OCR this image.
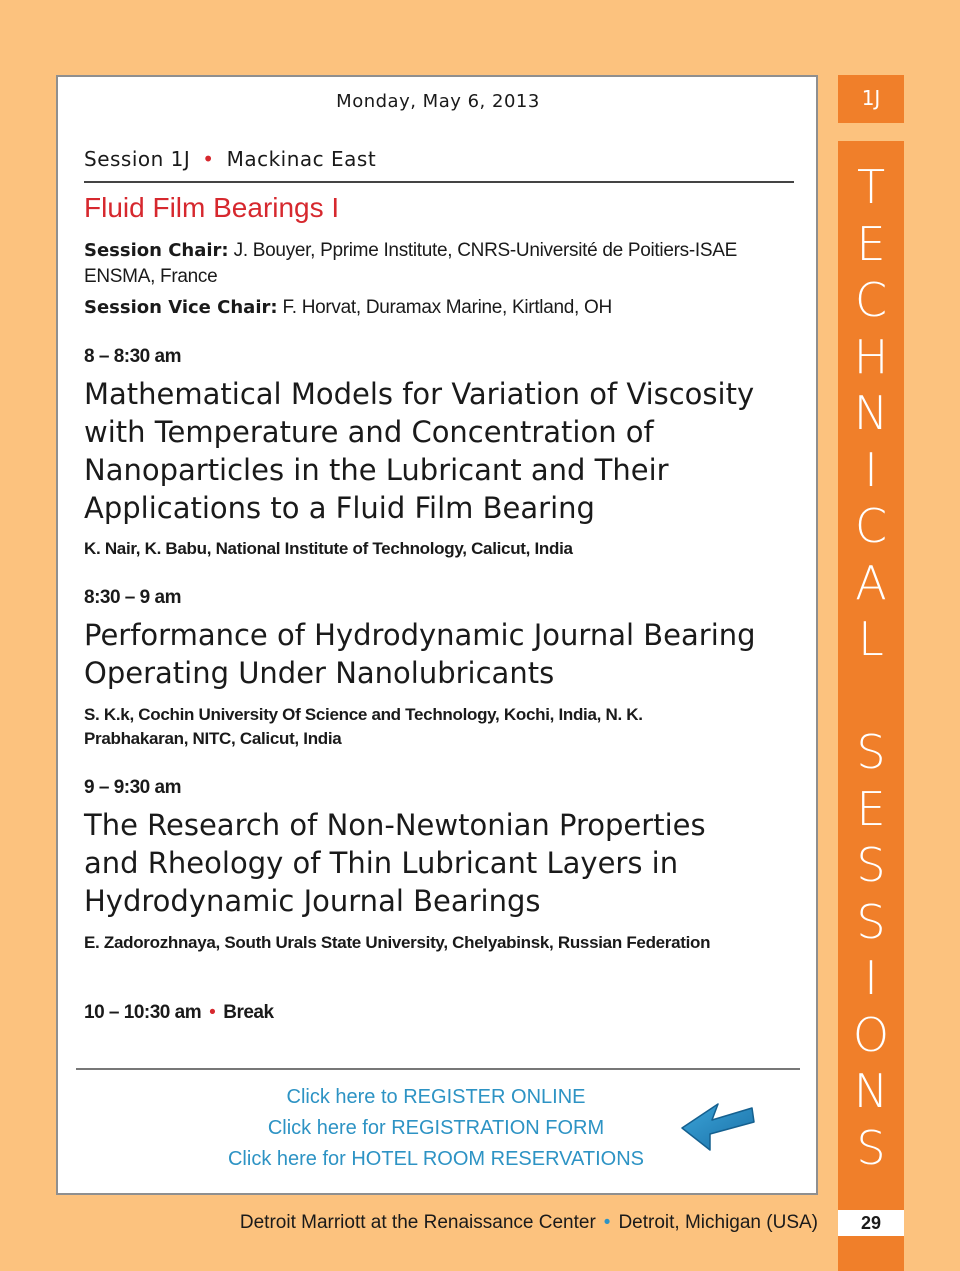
Monday, May 6, 2013
Session 1J • Mackinac East
Fluid Film Bearings I
Session Chair: J. Bouyer, Pprime Institute, CNRS-Université de Poitiers-ISAE ENSMA, France
Session Vice Chair: F. Horvat, Duramax Marine, Kirtland, OH
8 – 8:30 am
Mathematical Models for Variation of Viscosity with Temperature and Concentration of Nanoparticles in the Lubricant and Their Applications to a Fluid Film Bearing
K. Nair, K. Babu, National Institute of Technology, Calicut, India
8:30 – 9 am
Performance of Hydrodynamic Journal Bearing Operating Under Nanolubricants
S. K.k, Cochin University Of Science and Technology, Kochi, India, N. K. Prabhakaran, NITC, Calicut, India
9 – 9:30 am
The Research of Non-Newtonian Properties and Rheology of Thin Lubricant Layers in Hydrodynamic Journal Bearings
E. Zadorozhnaya, South Urals State University, Chelyabinsk, Russian Federation
10 – 10:30 am • Break
Click here to REGISTER ONLINE
Click here for REGISTRATION FORM
Click here for HOTEL ROOM RESERVATIONS
1J
T
E
C
H
N
I
C
A
L

S
E
S
S
I
O
N
S
29
Detroit Marriott at the Renaissance Center • Detroit, Michigan (USA)
